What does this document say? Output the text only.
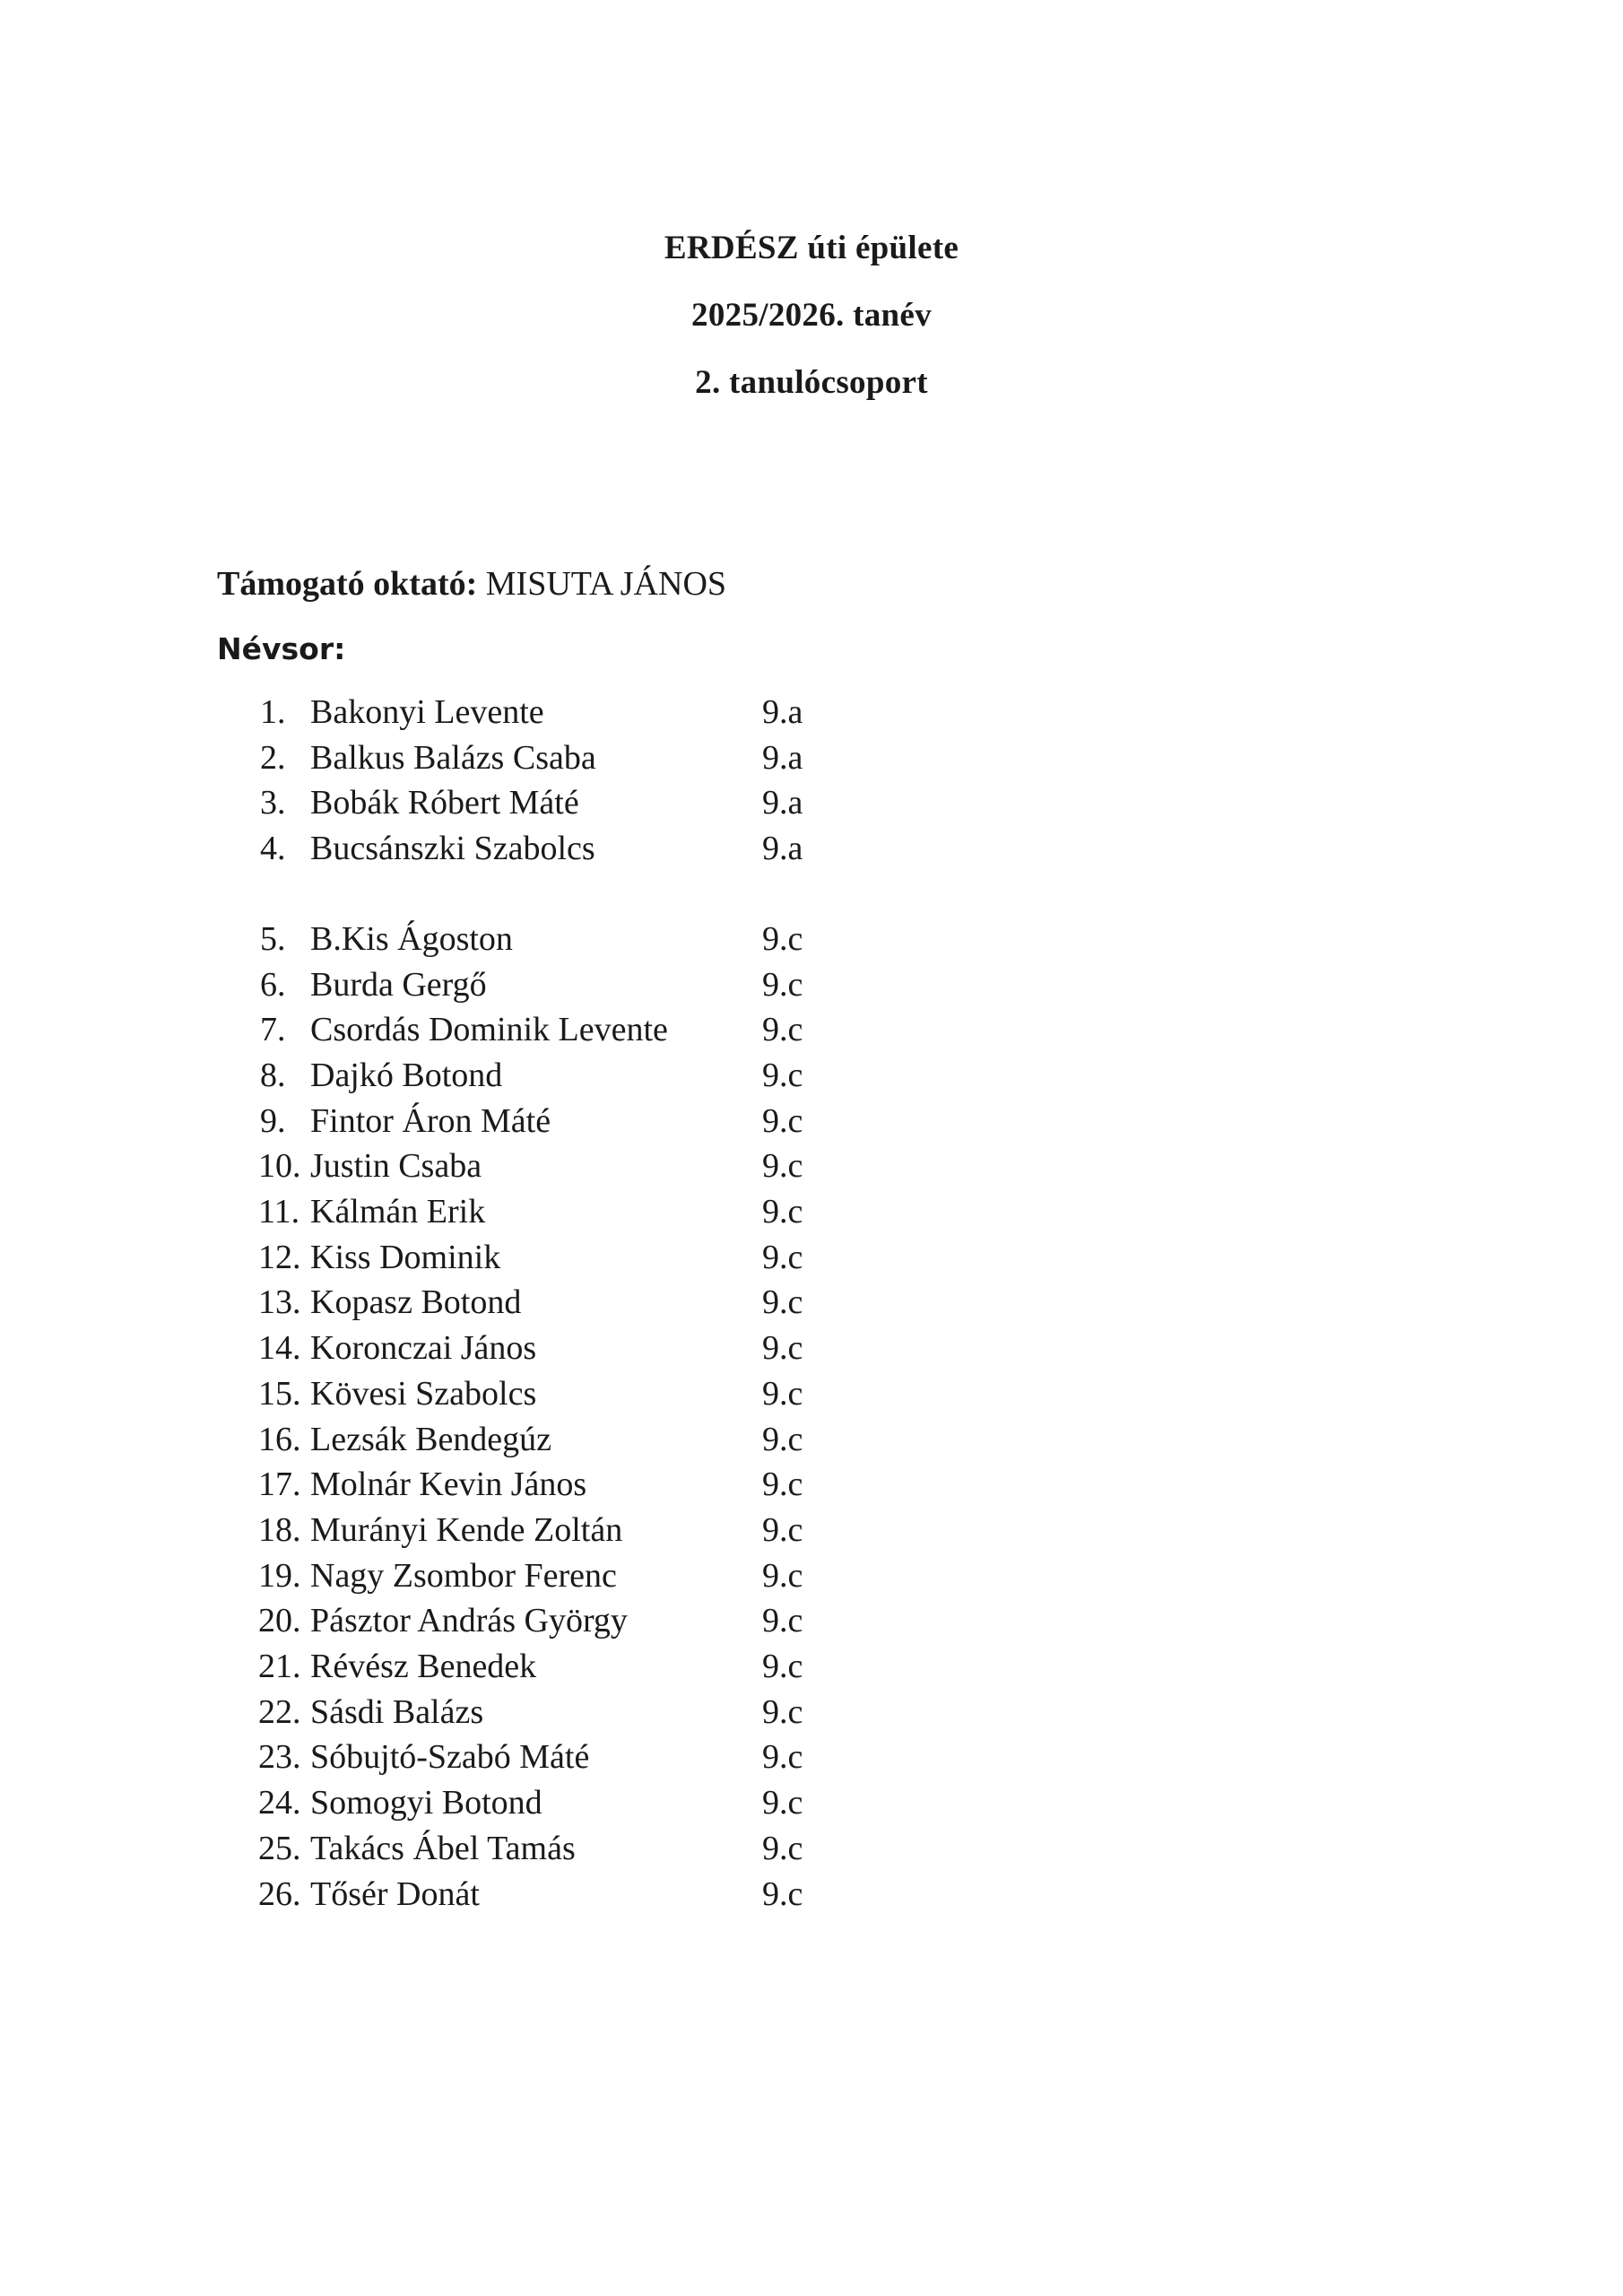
ERDÉSZ úti épülete
2025/2026. tanév
2. tanulócsoport
Támogató oktató: MISUTA JÁNOS
Névsor:
1. Bakonyi Levente	9.a
2. Balkus Balázs Csaba	9.a
3. Bobák Róbert Máté	9.a
4. Bucsánszki Szabolcs	9.a
5. B.Kis Ágoston	9.c
6. Burda Gergő	9.c
7. Csordás Dominik Levente	9.c
8. Dajkó Botond	9.c
9. Fintor Áron Máté	9.c
10. Justin Csaba	9.c
11. Kálmán Erik	9.c
12. Kiss Dominik	9.c
13. Kopasz Botond	9.c
14. Koronczai János	9.c
15. Kövesi Szabolcs	9.c
16. Lezsák Bendegúz	9.c
17. Molnár Kevin János	9.c
18. Murányi Kende Zoltán	9.c
19. Nagy Zsombor Ferenc	9.c
20. Pásztor András György	9.c
21. Révész Benedek	9.c
22. Sásdi Balázs	9.c
23. Sóbujtó-Szabó Máté	9.c
24. Somogyi Botond	9.c
25. Takács Ábel Tamás	9.c
26. Tősér Donát	9.c
